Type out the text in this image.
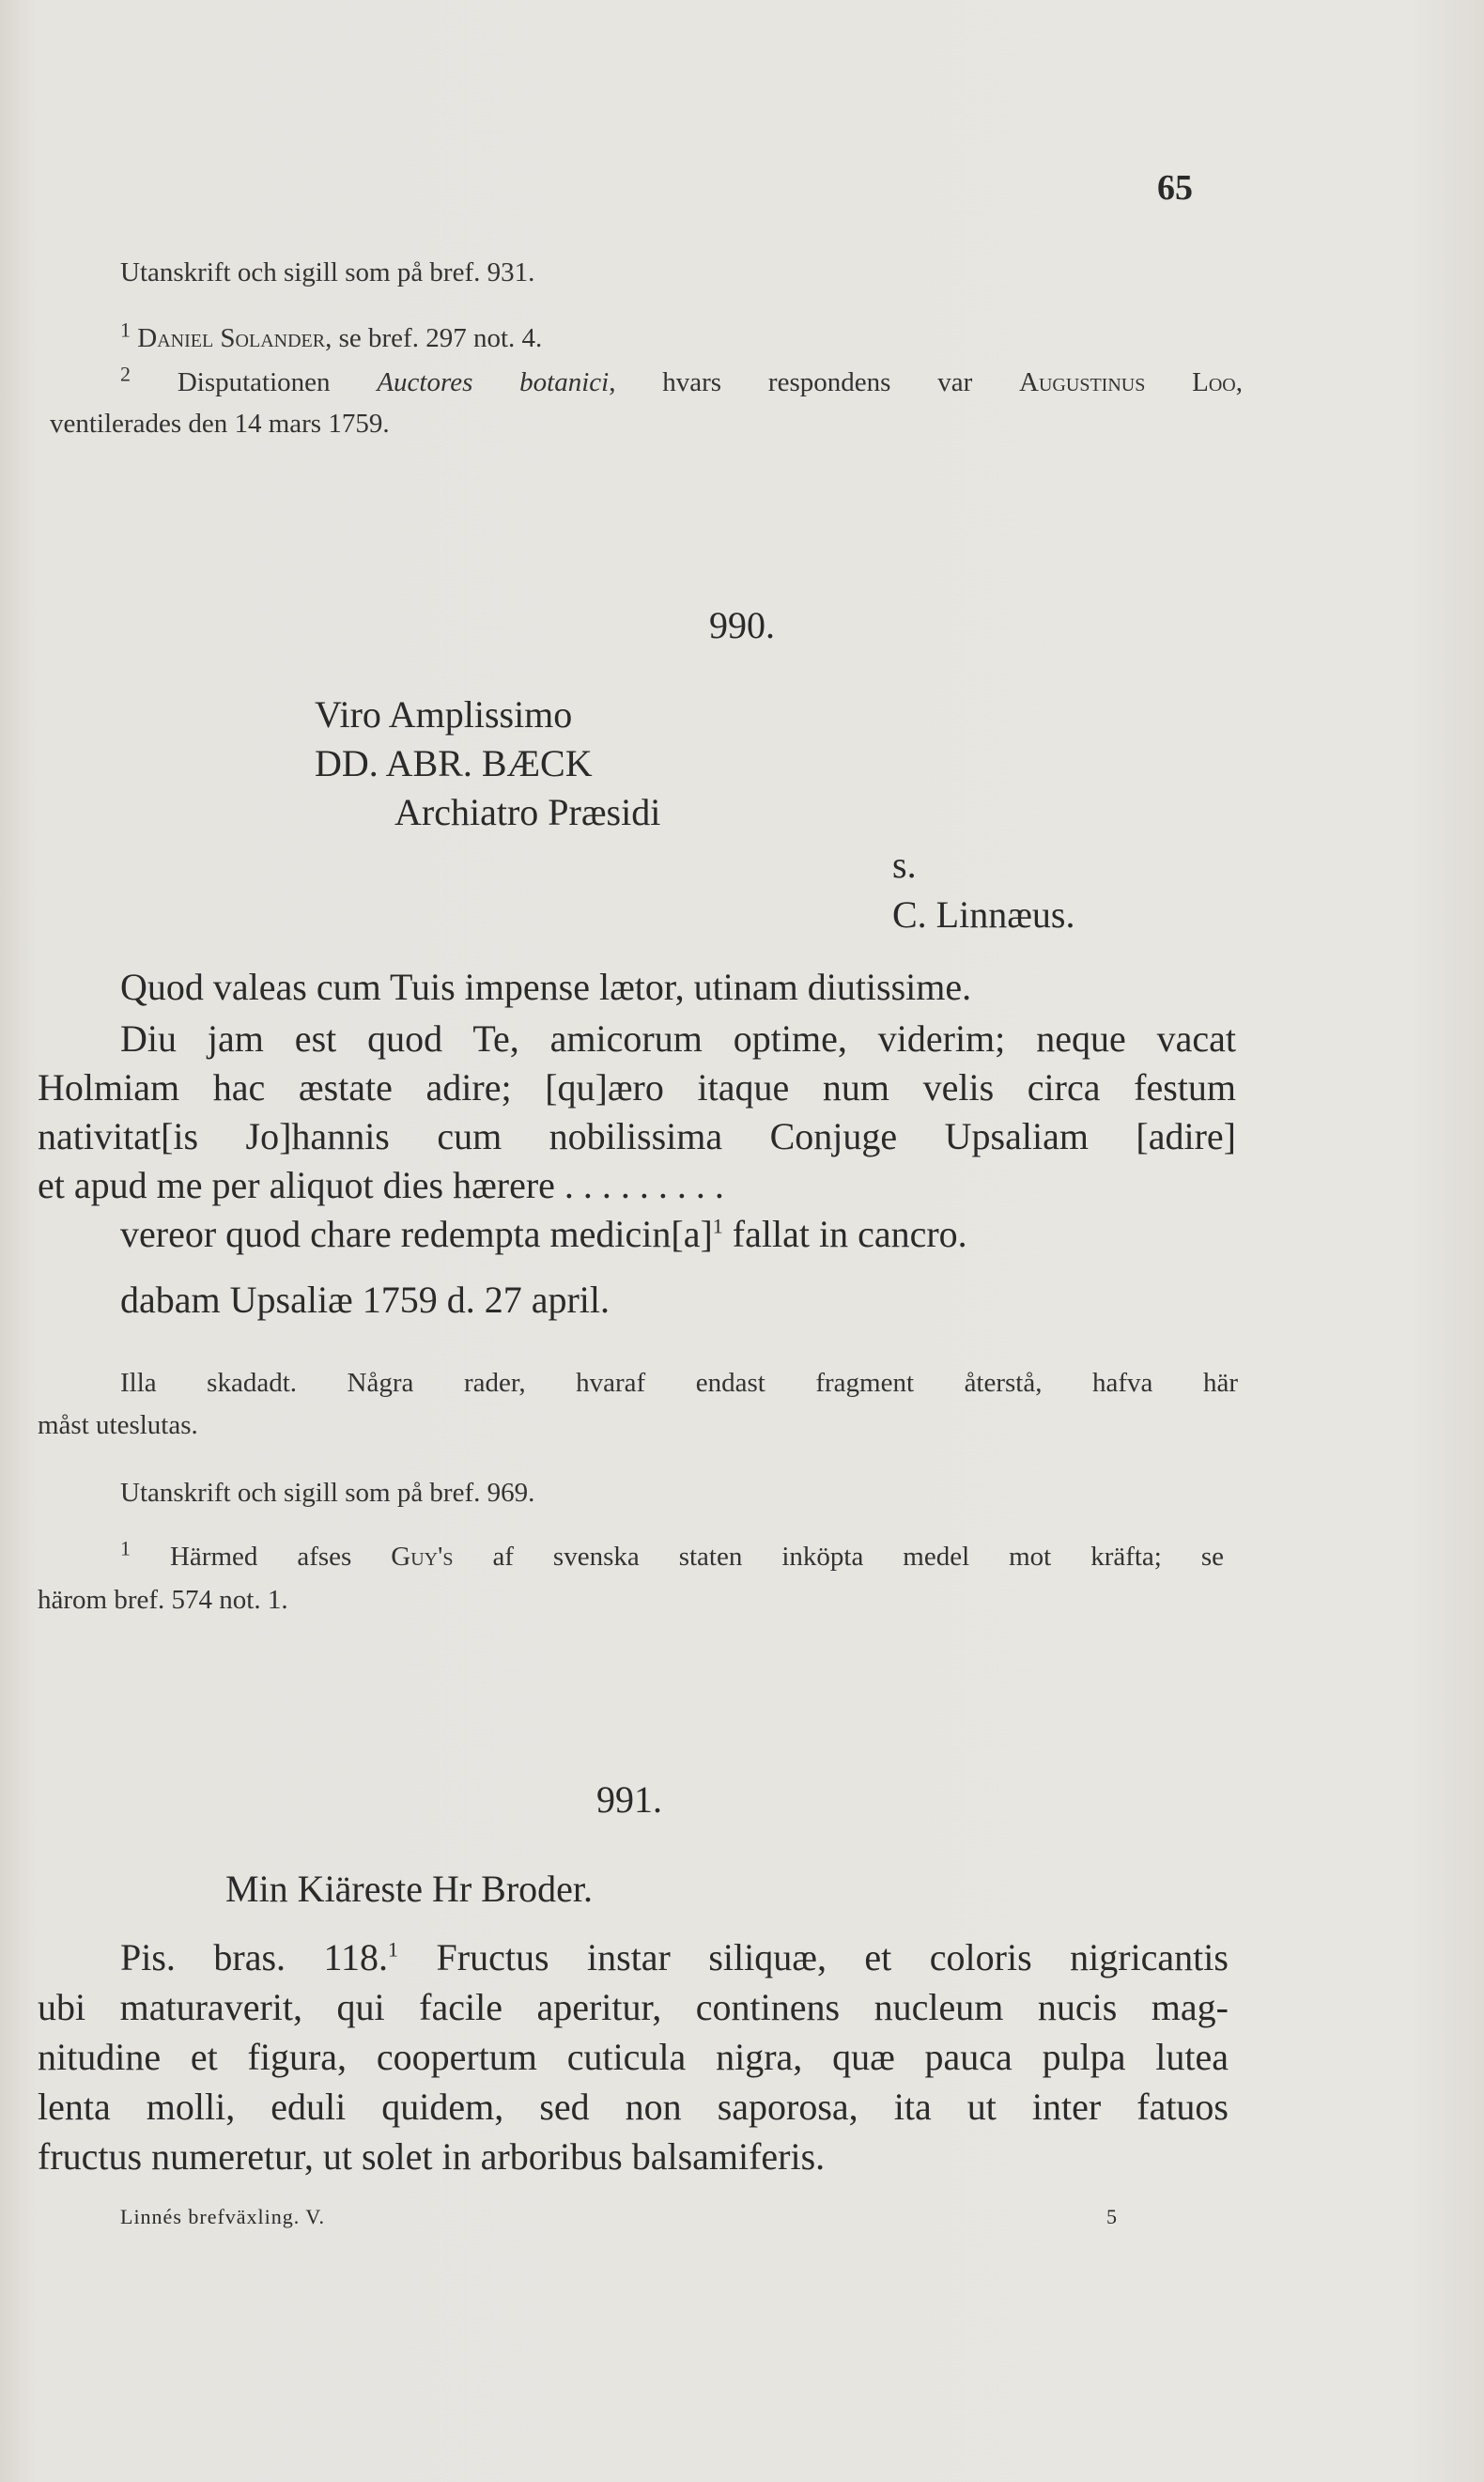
65
Utanskrift och sigill som på bref. 931.
$^1$ Daniel Solander, se bref. 297 not. 4.
$^2$ Disputationen Auctores botanici, hvars respondens var Augustinus Loo,
ventilerades den 14 mars 1759.
990.
Viro Amplissimo
DD. ABR. BÆCK
Archiatro Præsidi
s.
C. Linnæus.
Quod valeas cum Tuis impense lætor, utinam diutissime.
Diu jam est quod Te, amicorum optime, viderim; neque vacat
Holmiam hac æstate adire; [qu]æro itaque num velis circa festum
nativitat[is Jo]hannis cum nobilissima Conjuge Upsaliam [adire]
et apud me per aliquot dies hærere . . . . . . . . .
vereor quod chare redempta $medicin[a]^1$ fallat in cancro.
dabam Upsaliæ 1759 d. 27 april.
Illa skadadt. Några rader, hvaraf endast fragment återstå, hafva här
måst uteslutas.
Utanskrift och sigill som på bref. 969.
$^1$ Härmed afses Guy's af svenska staten inköpta medel mot kräfta; se
härom bref. 574 not. 1.
991.
Min Kiäreste Hr Broder.
Pis. bras. 118.$^1$ Fructus instar siliquæ, et coloris nigricantis
ubi maturaverit, qui facile aperitur, continens nucleum nucis mag-
nitudine et figura, coopertum cuticula nigra, quæ pauca pulpa lutea
lenta molli, eduli quidem, sed non saporosa, ita ut inter fatuos
fructus numeretur, ut solet in arboribus balsamiferis.
Linnés brefväxling. V.	5
